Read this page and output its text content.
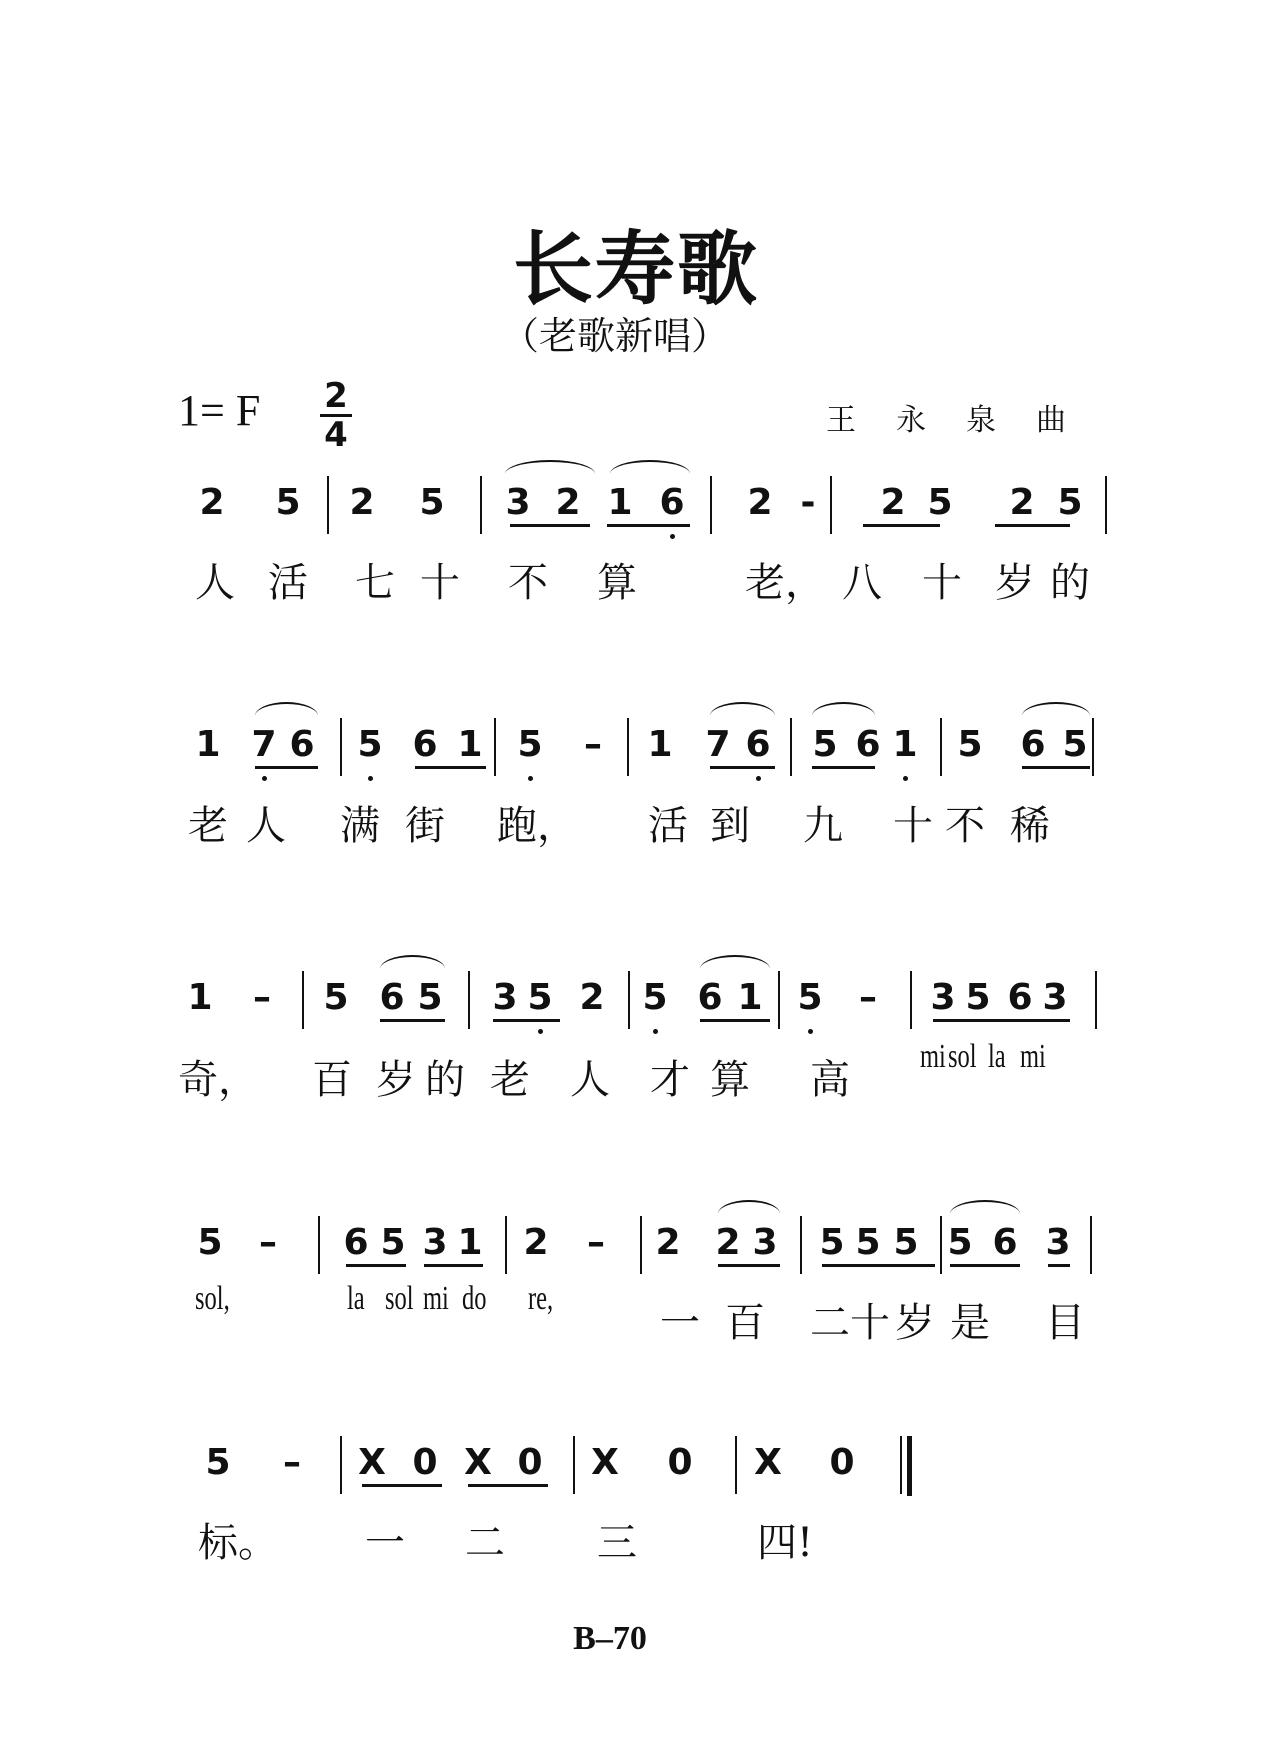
长寿歌
（老歌新唱）
1= F 2
4	王永泉曲
2 5 2 5 3 2 1 6 2 - 2 5 2 5
人 活 七 十 不 算	老， 八 十 岁 的
1 7 6 5 6 1 5 – 1 7 6 5 6 1 5 6 5
老 人 满 街 跑， 活 到 九 十 不 稀
1 – 5 6 5 3 5 2 5 6 1 5 – 3 5 6 3
奇， 百 岁 的 老 人 才 算 高
mi sol la mi
5 – 6 5 3 1 2 – 2 2 3 5 5 5 5 6 3
一 百 二 十 岁 是 目
sol,	la sol mi do re,
5 – X 0 X 0 X 0 X 0
标。 一 二 三	四!
B–70
